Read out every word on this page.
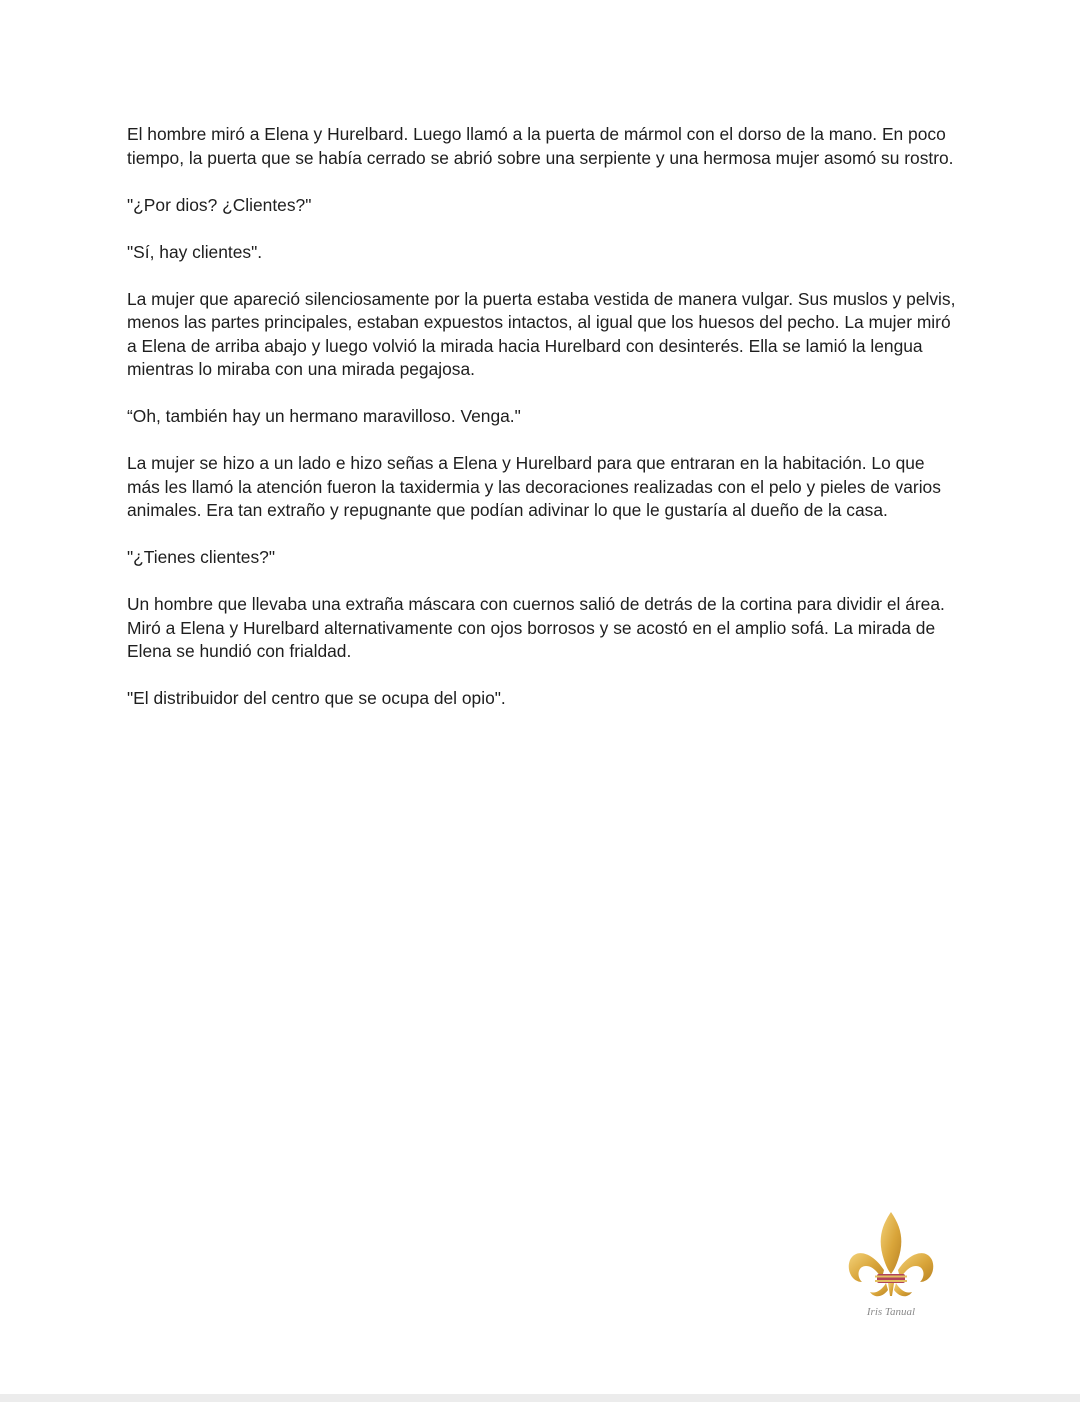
El hombre miró a Elena y Hurelbard. Luego llamó a la puerta de mármol con el dorso de la mano. En poco tiempo, la puerta que se había cerrado se abrió sobre una serpiente y una hermosa mujer asomó su rostro.

"¿Por dios? ¿Clientes?"

"Sí, hay clientes".

La mujer que apareció silenciosamente por la puerta estaba vestida de manera vulgar. Sus muslos y pelvis, menos las partes principales, estaban expuestos intactos, al igual que los huesos del pecho. La mujer miró a Elena de arriba abajo y luego volvió la mirada hacia Hurelbard con desinterés. Ella se lamió la lengua mientras lo miraba con una mirada pegajosa.

“Oh, también hay un hermano maravilloso. Venga."

La mujer se hizo a un lado e hizo señas a Elena y Hurelbard para que entraran en la habitación. Lo que más les llamó la atención fueron la taxidermia y las decoraciones realizadas con el pelo y pieles de varios animales. Era tan extraño y repugnante que podían adivinar lo que le gustaría al dueño de la casa.

"¿Tienes clientes?"

Un hombre que llevaba una extraña máscara con cuernos salió de detrás de la cortina para dividir el área. Miró a Elena y Hurelbard alternativamente con ojos borrosos y se acostó en el amplio sofá. La mirada de Elena se hundió con frialdad.

"El distribuidor del centro que se ocupa del opio".

Iris Tanual
